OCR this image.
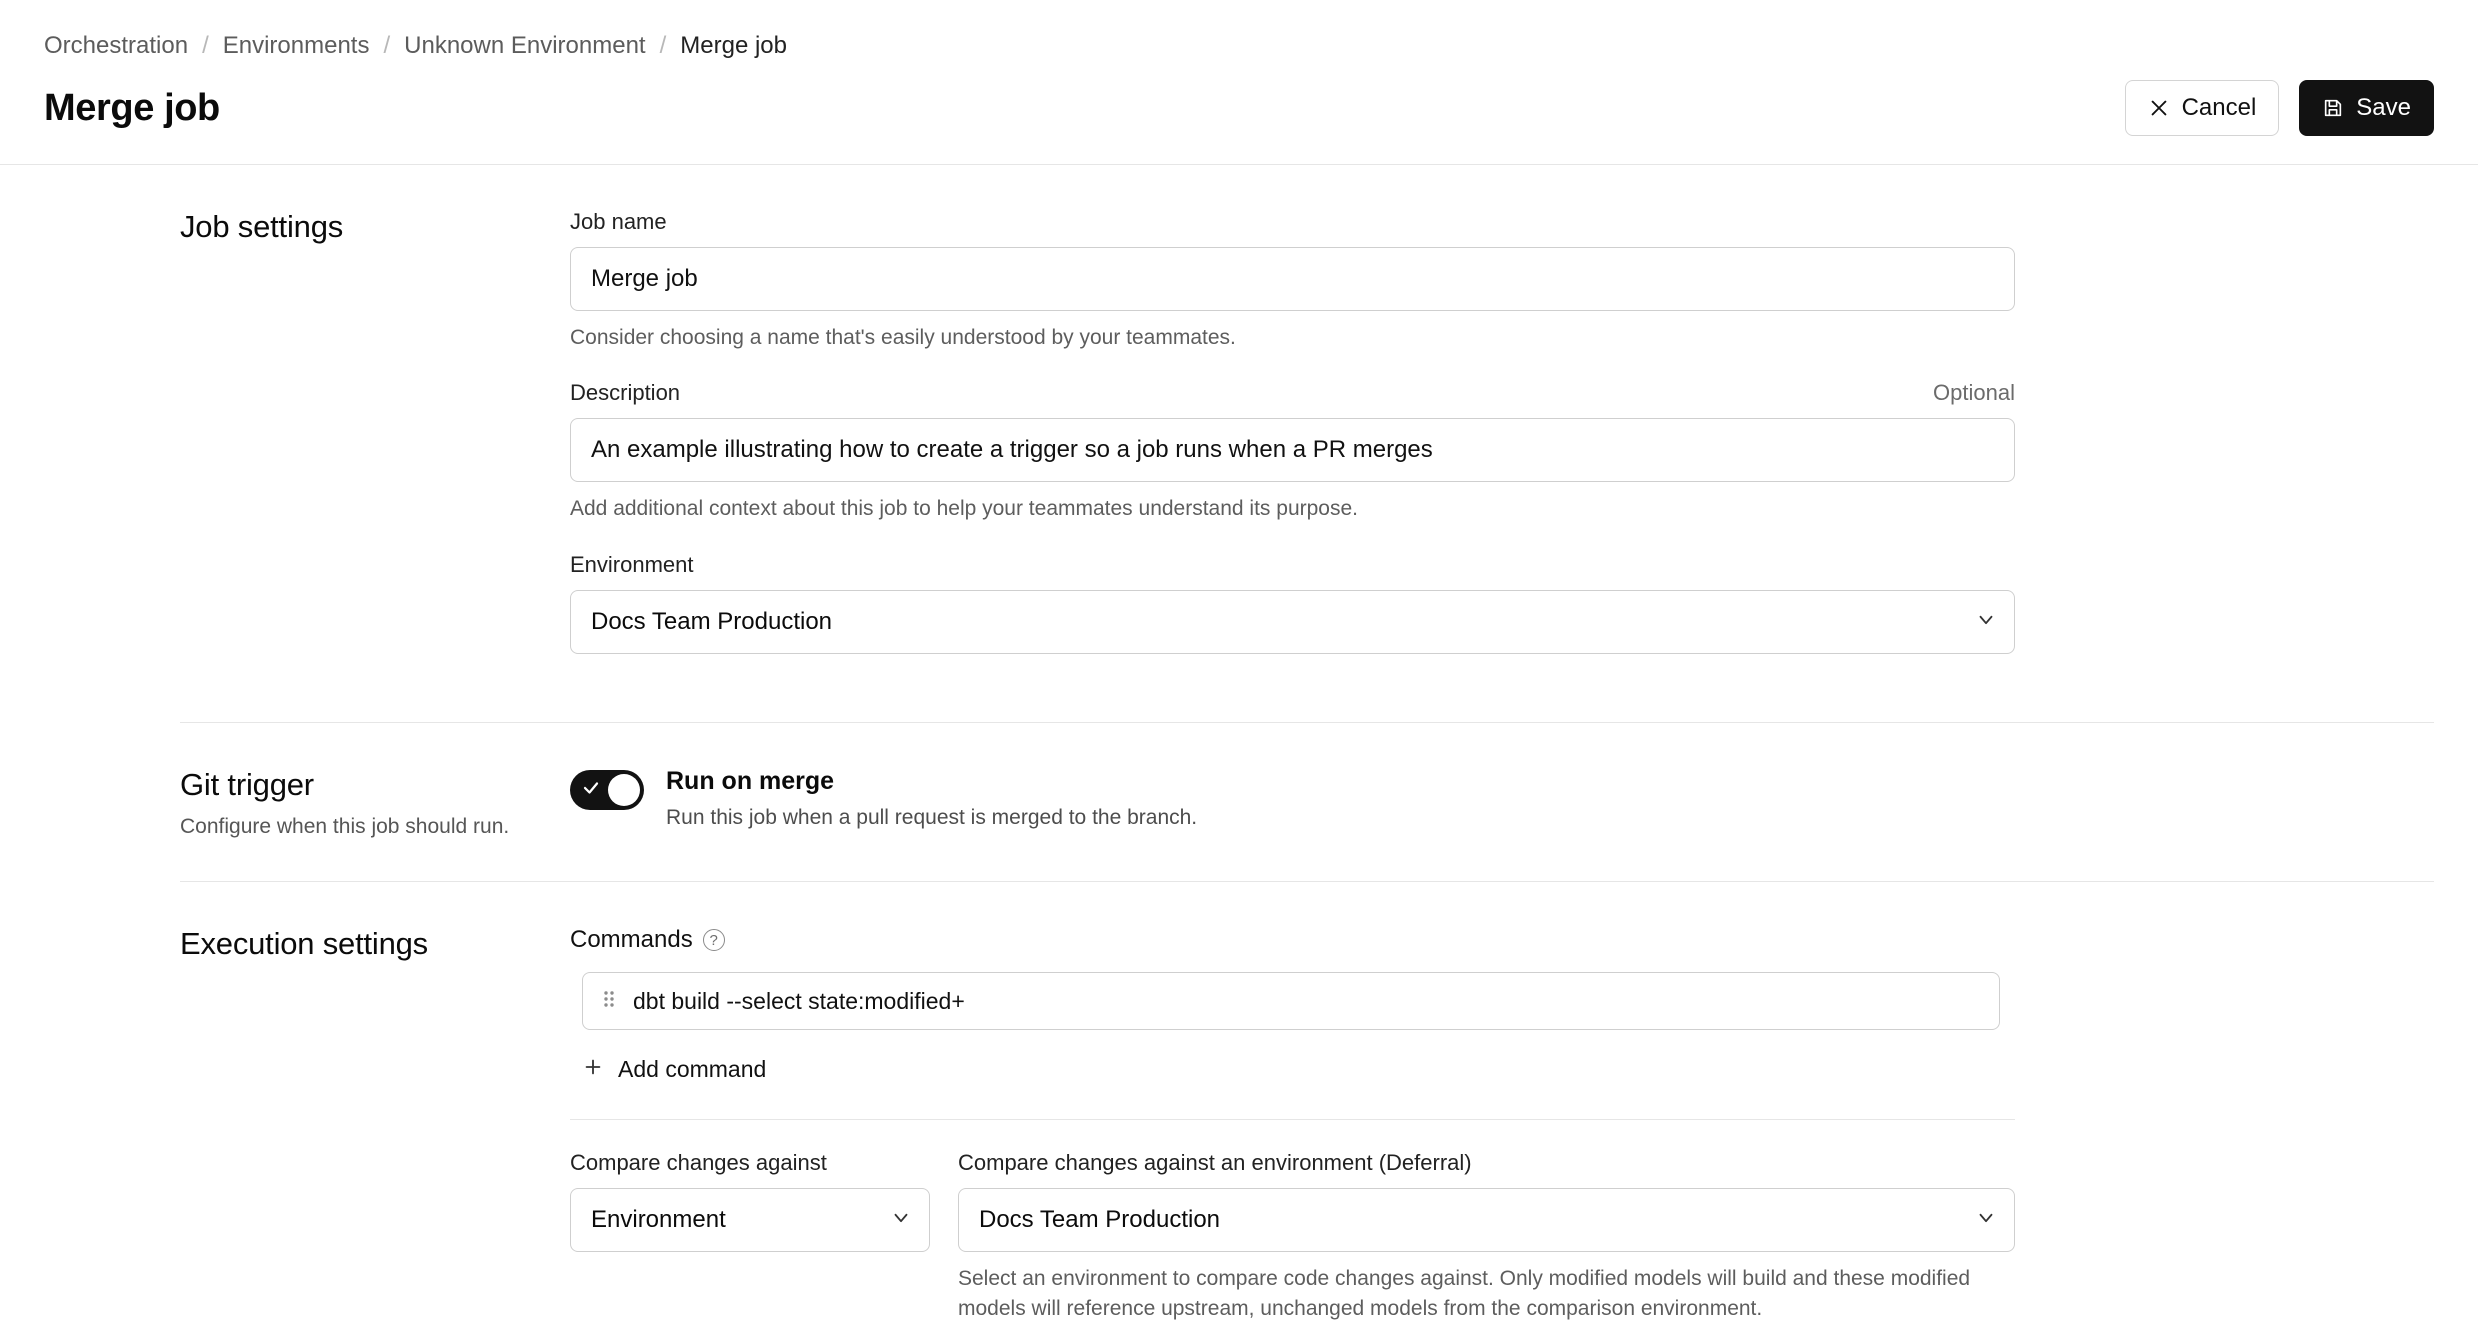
Orchestration / Environments / Unknown Environment / Merge job
Merge job	Cancel	Save
Job settings	Job name
Merge job
Consider choosing a name that's easily understood by your teammates.
Description	Optional
An example illustrating how to create a trigger so a job runs when a PR merges
Add additional context about this job to help your teammates understand its purpose.
Environment
Docs Team Production
Git trigger

Configure when this job should run.

Run on merge

Run this job when a pull request is merged to the branch.

Execution settings	Commands	?
dbt build --select state:modified+
Add command
Compare changes against
Environment
Compare changes against an environment (Deferral)
Docs Team Production
Select an environment to compare code changes against. Only modified models will build and these modified models will reference upstream, unchanged models from the comparison environment.
